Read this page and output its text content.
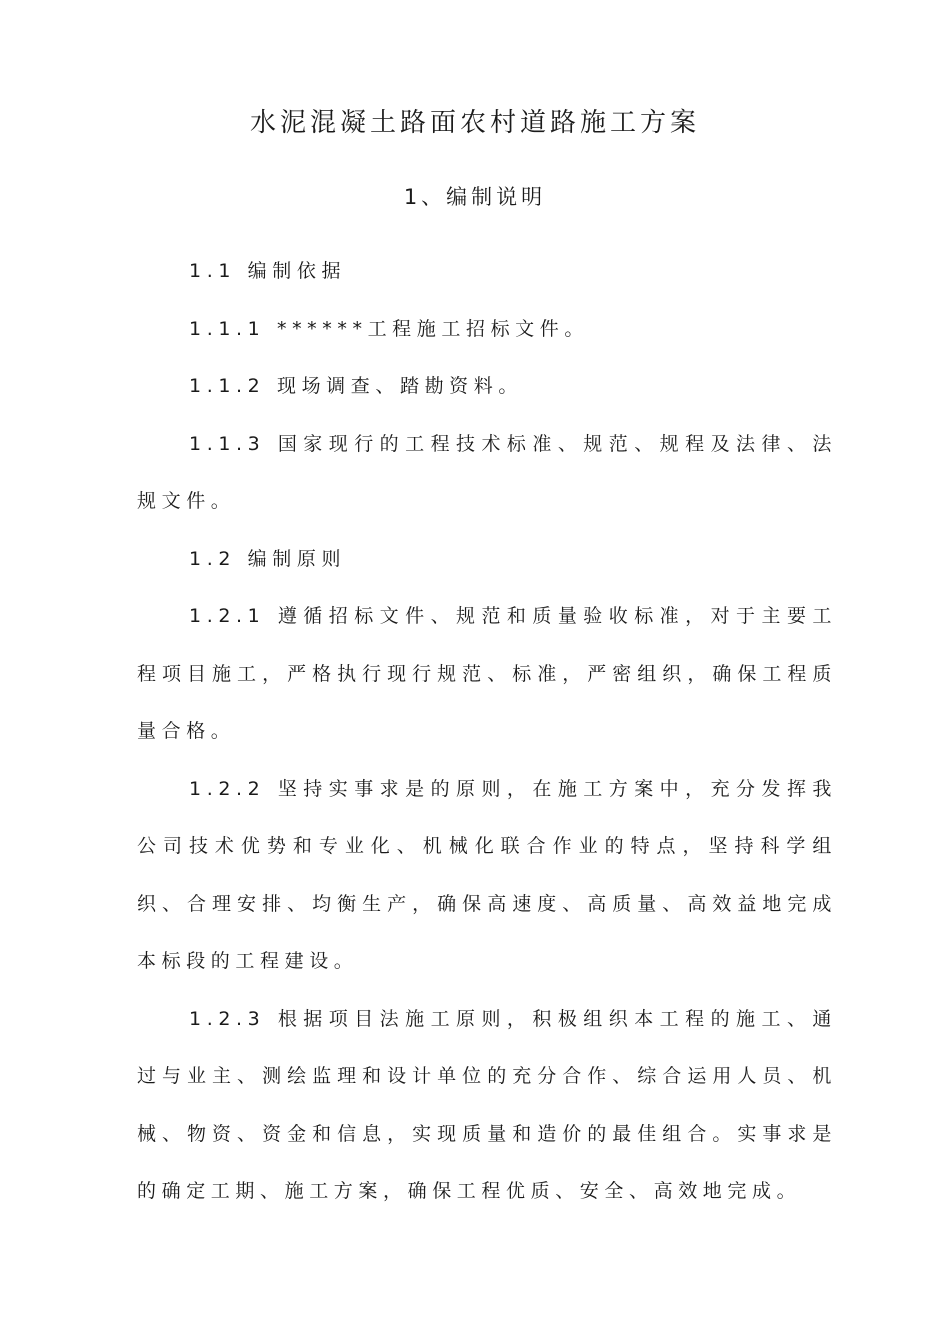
水泥混凝土路面农村道路施工方案
1、编制说明

1.1 编制依据

1.1.1 ******工程施工招标文件。

1.1.2 现场调查、踏勘资料。

1.1.3 国家现行的工程技术标准、规范、规程及法律、法规文件。

1.2 编制原则

1.2.1 遵循招标文件、规范和质量验收标准，对于主要工程项目施工，严格执行现行规范、标准，严密组织，确保工程质量合格。

1.2.2 坚持实事求是的原则，在施工方案中，充分发挥我公司技术优势和专业化、机械化联合作业的特点，坚持科学组织、合理安排、均衡生产，确保高速度、高质量、高效益地完成本标段的工程建设。

1.2.3 根据项目法施工原则，积极组织本工程的施工、通过与业主、测绘监理和设计单位的充分合作、综合运用人员、机械、物资、资金和信息，实现质量和造价的最佳组合。实事求是的确定工期、施工方案，确保工程优质、安全、高效地完成。
